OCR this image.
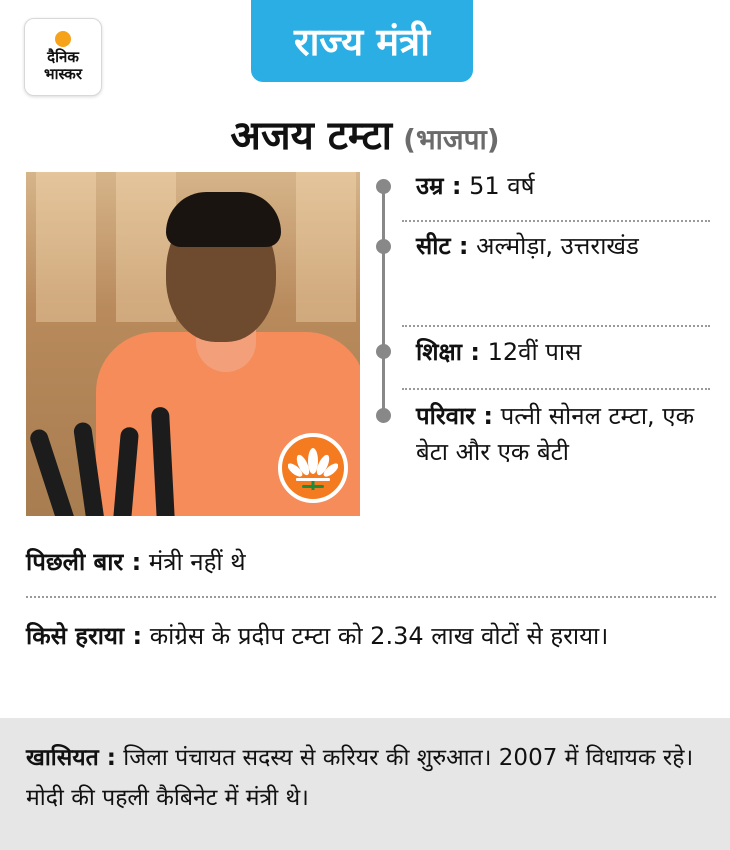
दैनिक
भास्कर
राज्य मंत्री
अजय टम्टा (भाजपा)
उम्र : 51 वर्ष
सीट : अल्मोड़ा, उत्तराखंड
शिक्षा : 12वीं पास
परिवार : पत्नी सोनल टम्टा, एक बेटा और एक बेटी
पिछली बार : मंत्री नहीं थे
किसे हराया : कांग्रेस के प्रदीप टम्टा को 2.34 लाख वोटों से हराया।
खासियत : जिला पंचायत सदस्य से करियर की शुरुआत। 2007 में विधायक रहे। मोदी की पहली कैबिनेट में मंत्री थे।
